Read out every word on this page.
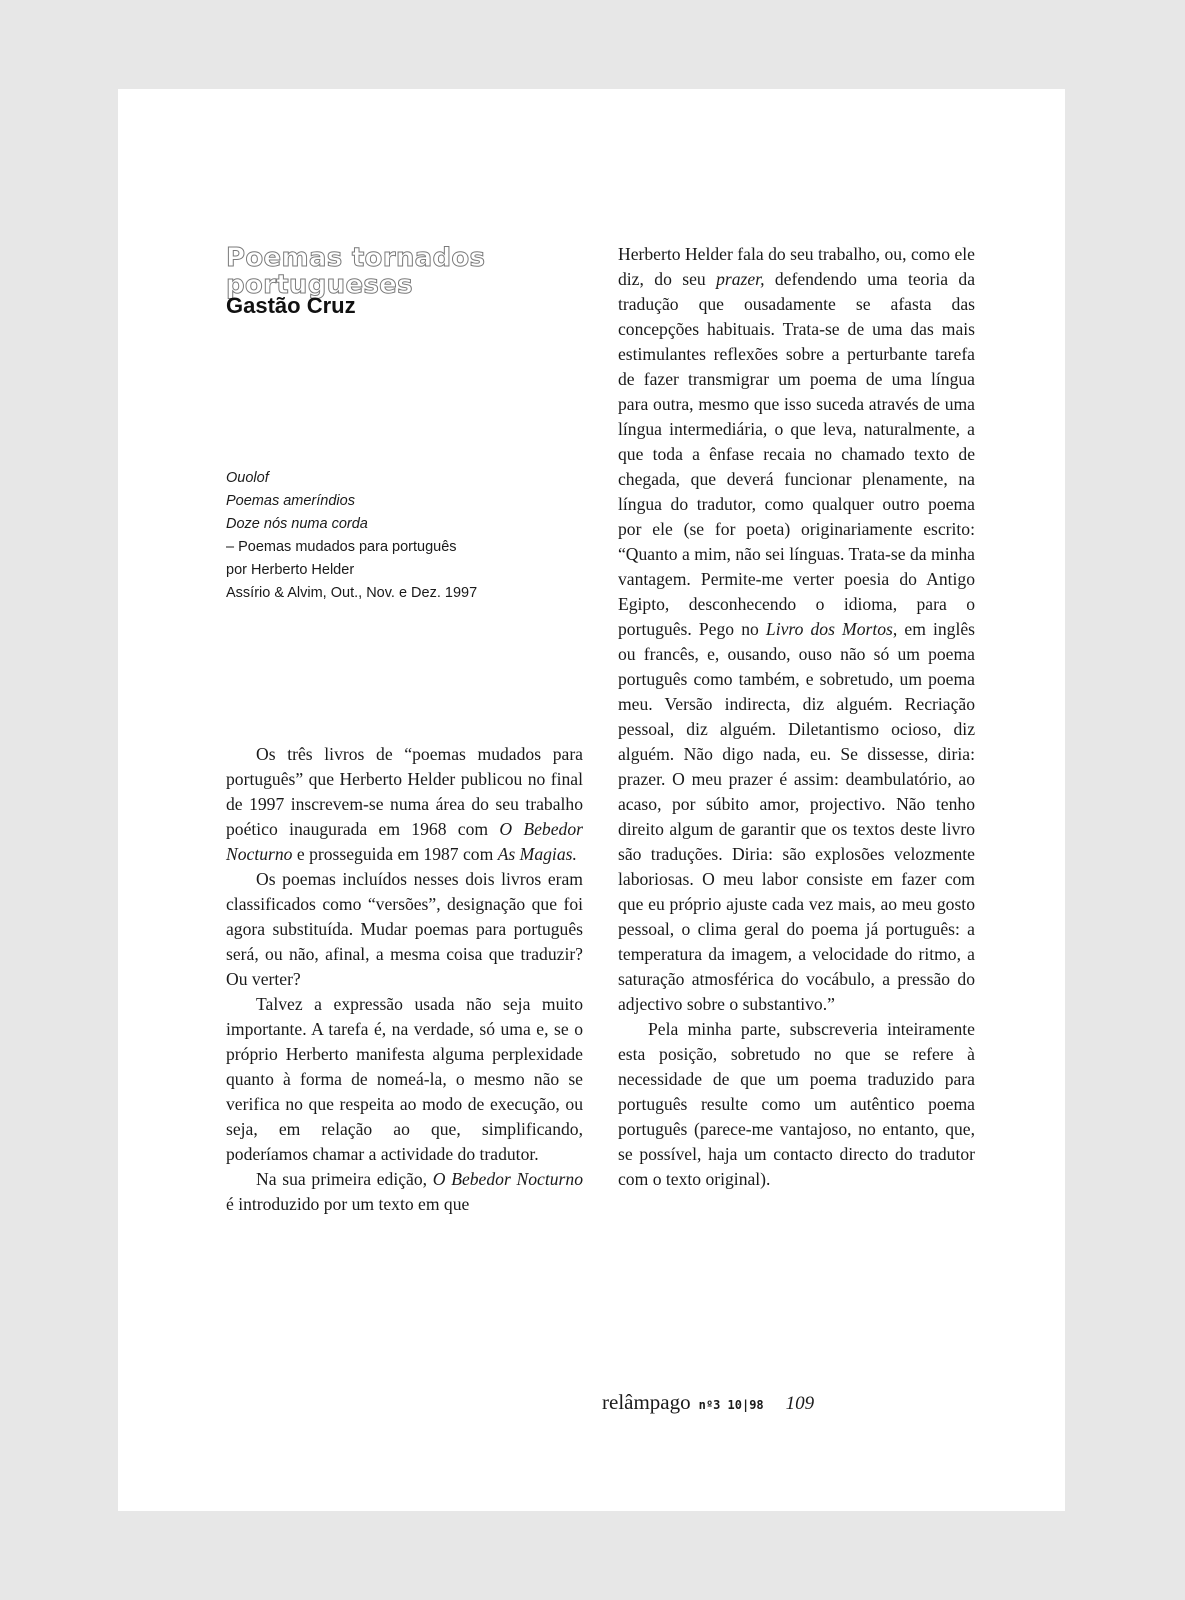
Poemas tornados portugueses
Gastão Cruz
Ouolof
Poemas ameríndios
Doze nós numa corda
– Poemas mudados para português
por Herberto Helder
Assírio & Alvim, Out., Nov. e Dez. 1997

Os três livros de “poemas mudados para português” que Herberto Helder publicou no final de 1997 inscrevem-se numa área do seu trabalho poético inaugurada em 1968 com O Bebedor Nocturno e prosseguida em 1987 com As Magias.

Os poemas incluídos nesses dois livros eram classificados como “versões”, designação que foi agora substituída. Mudar poemas para português será, ou não, afinal, a mesma coisa que traduzir? Ou verter?

Talvez a expressão usada não seja muito importante. A tarefa é, na verdade, só uma e, se o próprio Herberto manifesta alguma perplexidade quanto à forma de nomeá-la, o mesmo não se verifica no que respeita ao modo de execução, ou seja, em relação ao que, simplificando, poderíamos chamar a actividade do tradutor.

Na sua primeira edição, O Bebedor Nocturno é introduzido por um texto em que

Herberto Helder fala do seu trabalho, ou, como ele diz, do seu prazer, defendendo uma teoria da tradução que ousadamente se afasta das concepções habituais. Trata-se de uma das mais estimulantes reflexões sobre a perturbante tarefa de fazer transmigrar um poema de uma língua para outra, mesmo que isso suceda através de uma língua intermediária, o que leva, naturalmente, a que toda a ênfase recaia no chamado texto de chegada, que deverá funcionar plenamente, na língua do tradutor, como qualquer outro poema por ele (se for poeta) originariamente escrito: “Quanto a mim, não sei línguas. Trata-se da minha vantagem. Permite-me verter poesia do Antigo Egipto, desconhecendo o idioma, para o português. Pego no Livro dos Mortos, em inglês ou francês, e, ousando, ouso não só um poema português como também, e sobretudo, um poema meu. Versão indirecta, diz alguém. Recriação pessoal, diz alguém. Diletantismo ocioso, diz alguém. Não digo nada, eu. Se dissesse, diria: prazer. O meu prazer é assim: deambulatório, ao acaso, por súbito amor, projectivo. Não tenho direito algum de garantir que os textos deste livro são traduções. Diria: são explosões velozmente laboriosas. O meu labor consiste em fazer com que eu próprio ajuste cada vez mais, ao meu gosto pessoal, o clima geral do poema já português: a temperatura da imagem, a velocidade do ritmo, a saturação atmosférica do vocábulo, a pressão do adjectivo sobre o substantivo.”

Pela minha parte, subscreveria inteiramente esta posição, sobretudo no que se refere à necessidade de que um poema traduzido para português resulte como um autêntico poema português (parece-me vantajoso, no entanto, que, se possível, haja um contacto directo do tradutor com o texto original).

relâmpago nº3 10|98 109
